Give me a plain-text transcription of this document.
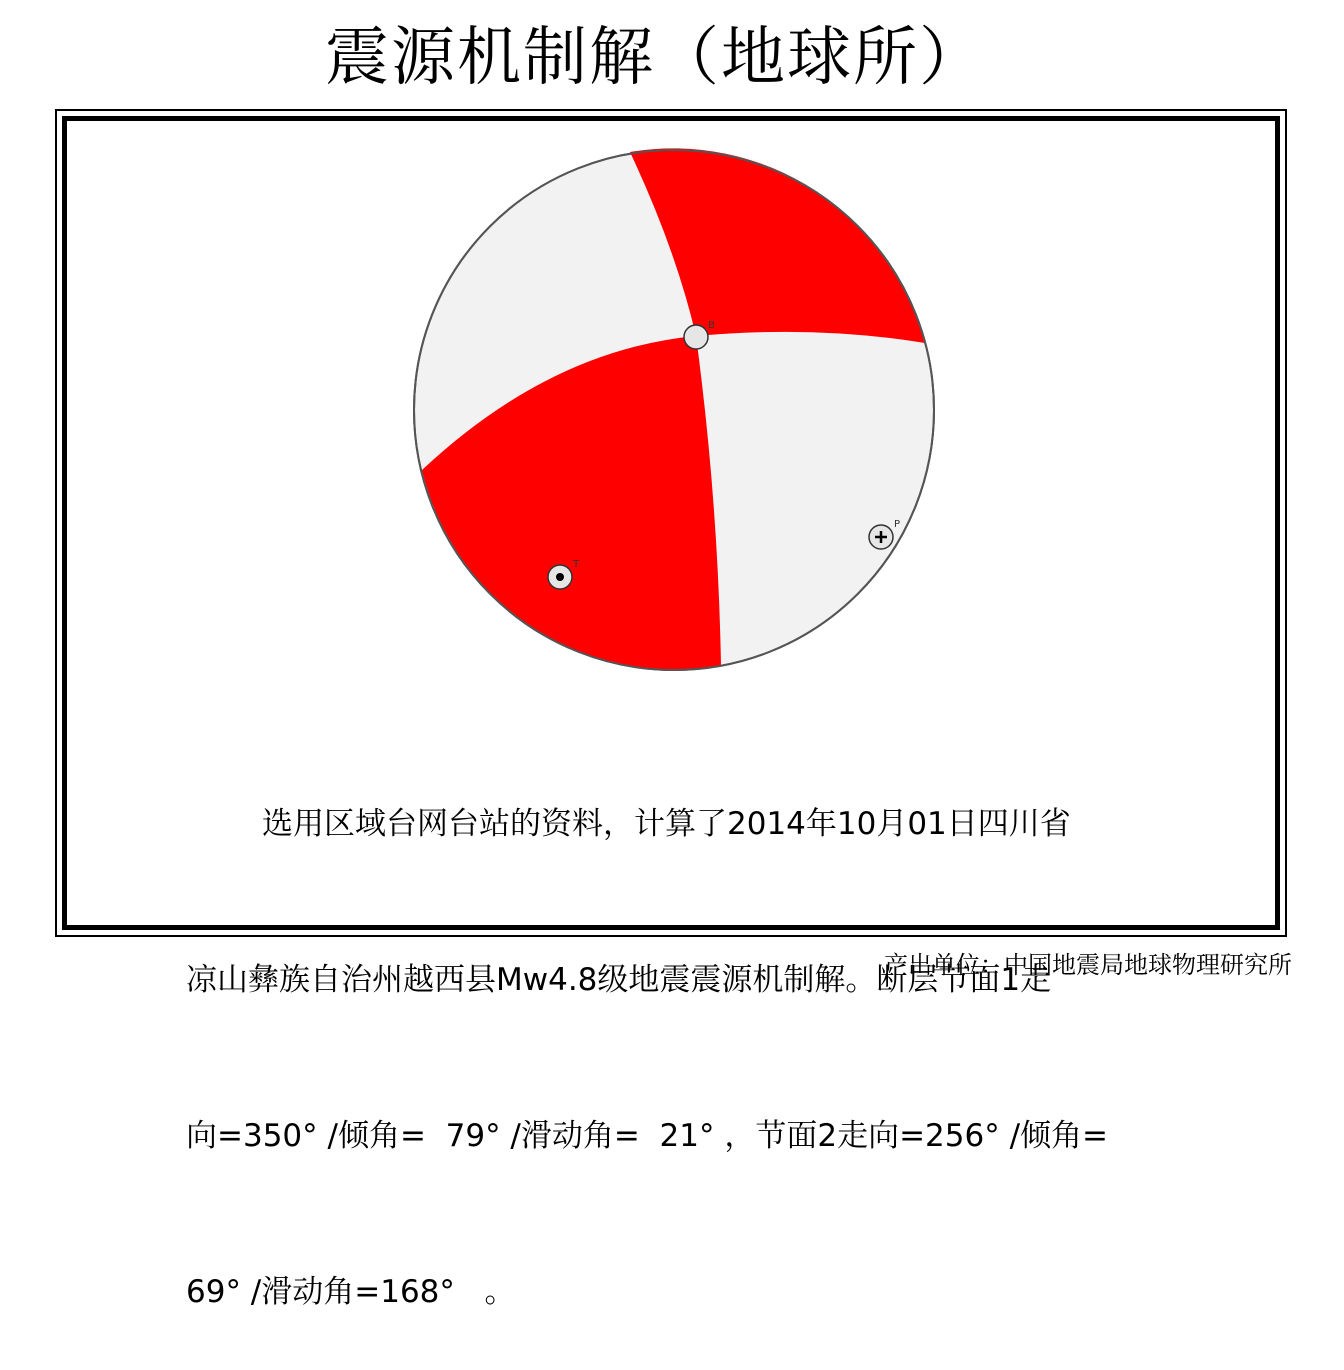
震源机制解（地球所）
B
P
T

选用区域台网台站的资料，计算了2014年10月01日四川省

凉山彝族自治州越西县Mw4.8级地震震源机制解。断层节面1走

向=350° /倾角=  79° /滑动角=  21° ，节面2走向=256° /倾角=

69° /滑动角=168°   。

产出单位：中国地震局地球物理研究所
